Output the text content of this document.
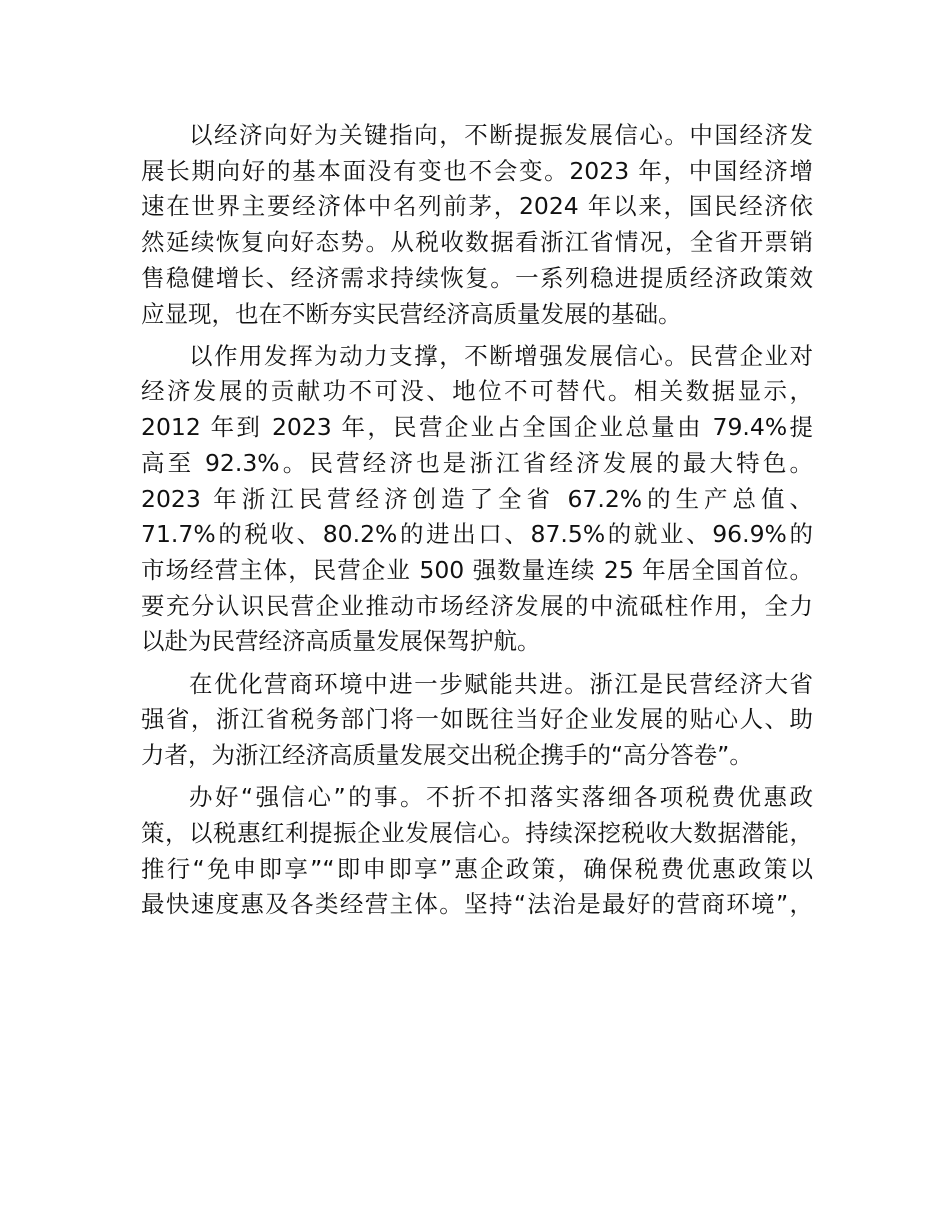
以经济向好为关键指向，不断提振发展信心。中国经济发
展长期向好的基本面没有变也不会变。2023 年，中国经济增
速在世界主要经济体中名列前茅，2024 年以来，国民经济依
然延续恢复向好态势。从税收数据看浙江省情况，全省开票销
售稳健增长、经济需求持续恢复。一系列稳进提质经济政策效
应显现，也在不断夯实民营经济高质量发展的基础。

以作用发挥为动力支撑，不断增强发展信心。民营企业对
经济发展的贡献功不可没、地位不可替代。相关数据显示，
2012 年到 2023 年，民营企业占全国企业总量由 79.4%提
高至 92.3%。民营经济也是浙江省经济发展的最大特色。
2023 年浙江民营经济创造了全省 67.2%的生产总值、
71.7%的税收、80.2%的进出口、87.5%的就业、96.9%的
市场经营主体，民营企业 500 强数量连续 25 年居全国首位。
要充分认识民营企业推动市场经济发展的中流砥柱作用，全力
以赴为民营经济高质量发展保驾护航。

在优化营商环境中进一步赋能共进。浙江是民营经济大省
强省，浙江省税务部门将一如既往当好企业发展的贴心人、助
力者，为浙江经济高质量发展交出税企携手的“高分答卷”。

办好“强信心”的事。不折不扣落实落细各项税费优惠政
策，以税惠红利提振企业发展信心。持续深挖税收大数据潜能，
推行“免申即享”“即申即享”惠企政策，确保税费优惠政策以
最快速度惠及各类经营主体。坚持“法治是最好的营商环境”，
